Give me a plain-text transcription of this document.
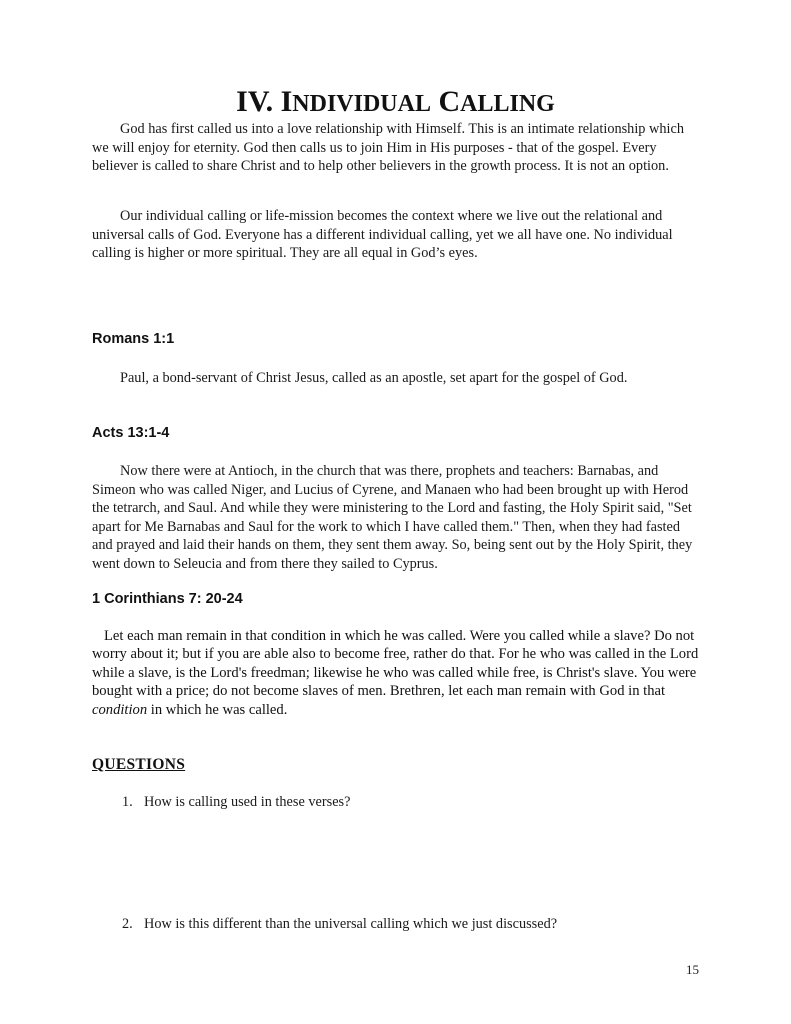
IV. INDIVIDUAL CALLING

God has first called us into a love relationship with Himself. This is an intimate relationship which we will enjoy for eternity. God then calls us to join Him in His purposes - that of the gospel. Every believer is called to share Christ and to help other believers in the growth process. It is not an option.

Our individual calling or life-mission becomes the context where we live out the relational and universal calls of God. Everyone has a different individual calling, yet we all have one. No individual calling is higher or more spiritual. They are all equal in God’s eyes.

Romans 1:1

Paul, a bond-servant of Christ Jesus, called as an apostle, set apart for the gospel of God.

Acts 13:1-4

Now there were at Antioch, in the church that was there, prophets and teachers: Barnabas, and Simeon who was called Niger, and Lucius of Cyrene, and Manaen who had been brought up with Herod the tetrarch, and Saul. And while they were ministering to the Lord and fasting, the Holy Spirit said, "Set apart for Me Barnabas and Saul for the work to which I have called them." Then, when they had fasted and prayed and laid their hands on them, they sent them away. So, being sent out by the Holy Spirit, they went down to Seleucia and from there they sailed to Cyprus.

1 Corinthians 7: 20-24

Let each man remain in that condition in which he was called. Were you called while a slave? Do not worry about it; but if you are able also to become free, rather do that. For he who was called in the Lord while a slave, is the Lord's freedman; likewise he who was called while free, is Christ's slave. You were bought with a price; do not become slaves of men. Brethren, let each man remain with God in that condition in which he was called.

QUESTIONS

1. How is calling used in these verses?

2. How is this different than the universal calling which we just discussed?

15
